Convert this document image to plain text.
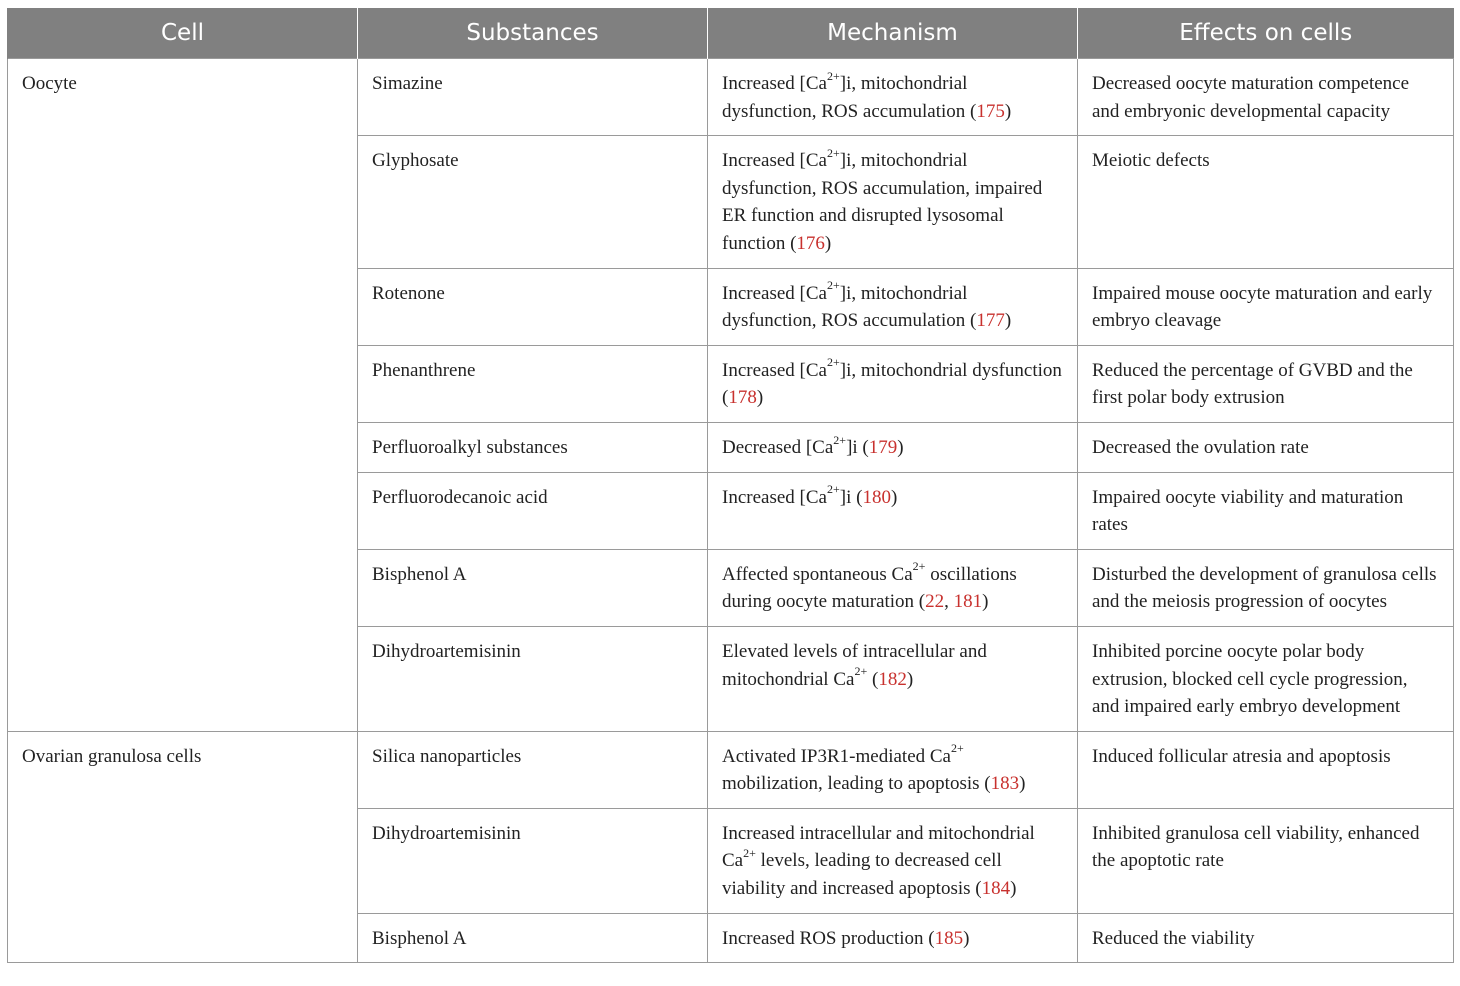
Cell	Substances	Mechanism	Effects on cells
Oocyte	Simazine	Increased $[Ca^{2+}]i$, mitochondrial dysfunction, ROS accumulation (175)	Decreased oocyte maturation competence and embryonic developmental capacity
	Glyphosate	Increased $[Ca^{2+}]i$, mitochondrial dysfunction, ROS accumulation, impaired ER function and disrupted lysosomal function (176)	Meiotic defects
	Rotenone	Increased $[Ca^{2+}]i$, mitochondrial dysfunction, ROS accumulation (177)	Impaired mouse oocyte maturation and early embryo cleavage
	Phenanthrene	Increased $[Ca^{2+}]i$, mitochondrial dysfunction (178)	Reduced the percentage of GVBD and the first polar body extrusion
	Perfluoroalkyl substances	Decreased $[Ca^{2+}]i$ (179)	Decreased the ovulation rate
	Perfluorodecanoic acid	Increased $[Ca^{2+}]i$ (180)	Impaired oocyte viability and maturation rates
	Bisphenol A	Affected spontaneous $Ca^{2+}$ oscillations during oocyte maturation (22, 181)	Disturbed the development of granulosa cells and the meiosis progression of oocytes
	Dihydroartemisinin	Elevated levels of intracellular and mitochondrial $Ca^{2+}$ (182)	Inhibited porcine oocyte polar body extrusion, blocked cell cycle progression, and impaired early embryo development
Ovarian granulosa cells	Silica nanoparticles	Activated IP3R1-mediated $Ca^{2+}$ mobilization, leading to apoptosis (183)	Induced follicular atresia and apoptosis
	Dihydroartemisinin	Increased intracellular and mitochondrial $Ca^{2+}$ levels, leading to decreased cell viability and increased apoptosis (184)	Inhibited granulosa cell viability, enhanced the apoptotic rate
	Bisphenol A	Increased ROS production (185)	Reduced the viability
